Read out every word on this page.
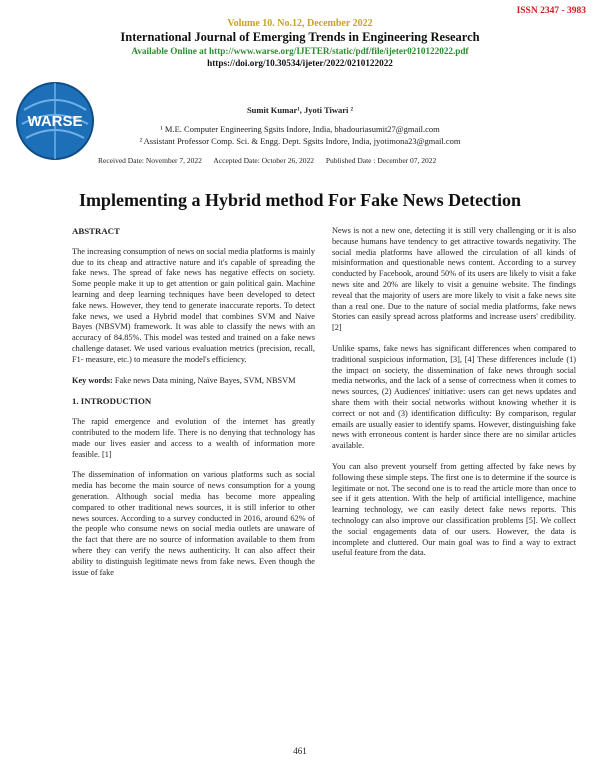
ISSN 2347 - 3983
Volume 10. No.12, December 2022
International Journal of Emerging Trends in Engineering Research
Available Online at http://www.warse.org/IJETER/static/pdf/file/ijeter0210122022.pdf
https://doi.org/10.30534/ijeter/2022/0210122022
WARSE
Sumit Kumar¹, Jyoti Tiwari ²
¹ M.E. Computer Engineering Sgsits Indore, India, bhadouriasumit27@gmail.com
² Assistant Professor Comp. Sci. & Engg. Dept. Sgsits Indore, India, jyotimona23@gmail.com
Received Date: November 7, 2022 Accepted Date: October 26, 2022 Published Date : December 07, 2022
Implementing a Hybrid method For Fake News Detection
ABSTRACT

The increasing consumption of news on social media platforms is mainly due to its cheap and attractive nature and it's capable of spreading the fake news. The spread of fake news has negative effects on society. Some people make it up to get attention or gain political gain. Machine learning and deep learning techniques have been developed to detect fake news. However, they tend to generate inaccurate reports. To detect fake news, we used a Hybrid model that combines SVM and Naive Bayes (NBSVM) framework. It was able to classify the news with an accuracy of 84.85%. This model was tested and trained on a fake news challenge dataset. We used various evaluation metrics (precision, recall, F1- measure, etc.) to measure the model's efficiency.

Key words: Fake news Data mining, Naïve Bayes, SVM, NBSVM
1. INTRODUCTION

The rapid emergence and evolution of the internet has greatly contributed to the modern life. There is no denying that technology has made our lives easier and access to a wealth of information more feasible. [1]

The dissemination of information on various platforms such as social media has become the main source of news consumption for a young generation. Although social media has become more appealing compared to other traditional news sources, it is still inferior to other news sources. According to a survey conducted in 2016, around 62% of the people who consume news on social media outlets are unaware of the fact that there are no source of information available to them from where they can verify the news authenticity. It can also affect their ability to distinguish legitimate news from fake news. Even though the issue of fake

News is not a new one, detecting it is still very challenging or it is also because humans have tendency to get attractive towards negativity. The social media platforms have allowed the circulation of all kinds of misinformation and questionable news content. According to a survey conducted by Facebook, around 50% of its users are likely to visit a fake news site and 20% are likely to visit a genuine website. The findings reveal that the majority of users are more likely to visit a fake news site than a real one. Due to the nature of social media platforms, fake news Stories can easily spread across platforms and increase users' credibility. [2]

Unlike spams, fake news has significant differences when compared to traditional suspicious information, [3], [4] These differences include (1) the impact on society, the dissemination of fake news through social media networks, and the lack of a sense of correctness when it comes to news sources, (2) Audiences' initiative: users can get news updates and share them with their social networks without knowing whether it is correct or not and (3) identification difficulty: By comparison, regular emails are usually easier to identify spams. However, distinguishing fake news with erroneous content is harder since there are no similar articles available.

You can also prevent yourself from getting affected by fake news by following these simple steps. The first one is to determine if the source is legitimate or not. The second one is to read the article more than once to see if it gets attention. With the help of artificial intelligence, machine learning technology, we can easily detect fake news reports. This technology can also improve our classification problems [5]. We collect the social engagements data of our users. However, the data is incomplete and cluttered. Our main goal was to find a way to extract useful feature from the data.

461
